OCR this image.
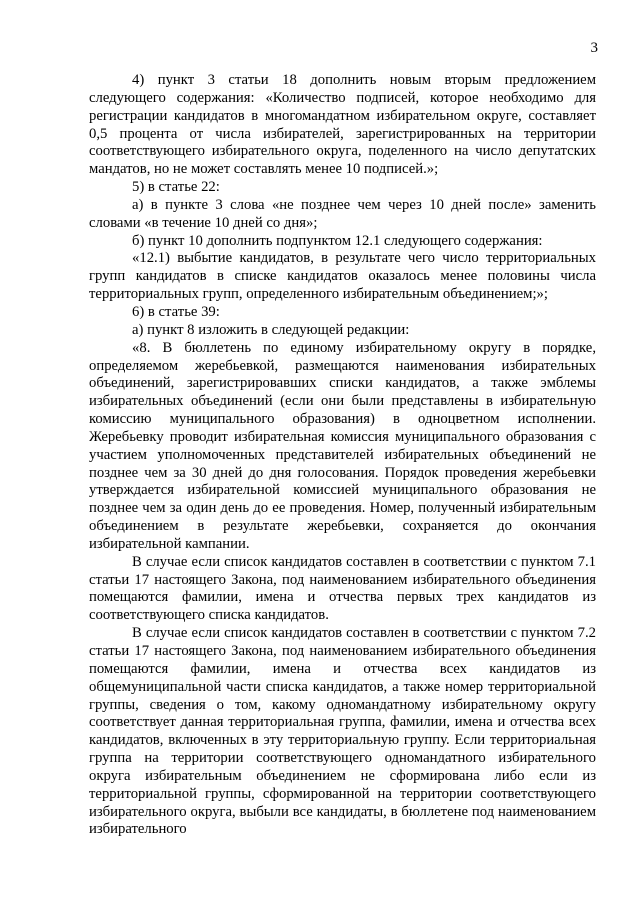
3

4) пункт 3 статьи 18 дополнить новым вторым предложением следующего содержания: «Количество подписей, которое необходимо для регистрации кандидатов в многомандатном избирательном округе, составляет 0,5 процента от числа избирателей, зарегистрированных на территории соответствующего избирательного округа, поделенного на число депутатских мандатов, но не может составлять менее 10 подписей.»;

5) в статье 22:

а) в пункте 3 слова «не позднее чем через 10 дней после» заменить словами «в течение 10 дней со дня»;

б) пункт 10 дополнить подпунктом 12.1 следующего содержания:

«12.1) выбытие кандидатов, в результате чего число территориальных групп кандидатов в списке кандидатов оказалось менее половины числа территориальных групп, определенного избирательным объединением;»;

6) в статье 39:

а) пункт 8 изложить в следующей редакции:

«8. В бюллетень по единому избирательному округу в порядке, определяемом жеребьевкой, размещаются наименования избирательных объединений, зарегистрировавших списки кандидатов, а также эмблемы избирательных объединений (если они были представлены в избирательную комиссию муниципального образования) в одноцветном исполнении. Жеребьевку проводит избирательная комиссия муниципального образования с участием уполномоченных представителей избирательных объединений не позднее чем за 30 дней до дня голосования. Порядок проведения жеребьевки утверждается избирательной комиссией муниципального образования не позднее чем за один день до ее проведения. Номер, полученный избирательным объединением в результате жеребьевки, сохраняется до окончания избирательной кампании.

В случае если список кандидатов составлен в соответствии с пунктом 7.1 статьи 17 настоящего Закона, под наименованием избирательного объединения помещаются фамилии, имена и отчества первых трех кандидатов из соответствующего списка кандидатов.

В случае если список кандидатов составлен в соответствии с пунктом 7.2 статьи 17 настоящего Закона, под наименованием избирательного объединения помещаются фамилии, имена и отчества всех кандидатов из общемуниципальной части списка кандидатов, а также номер территориальной группы, сведения о том, какому одномандатному избирательному округу соответствует данная территориальная группа, фамилии, имена и отчества всех кандидатов, включенных в эту территориальную группу. Если территориальная группа на территории соответствующего одномандатного избирательного округа избирательным объединением не сформирована либо если из территориальной группы, сформированной на территории соответствующего избирательного округа, выбыли все кандидаты, в бюллетене под наименованием избирательного
